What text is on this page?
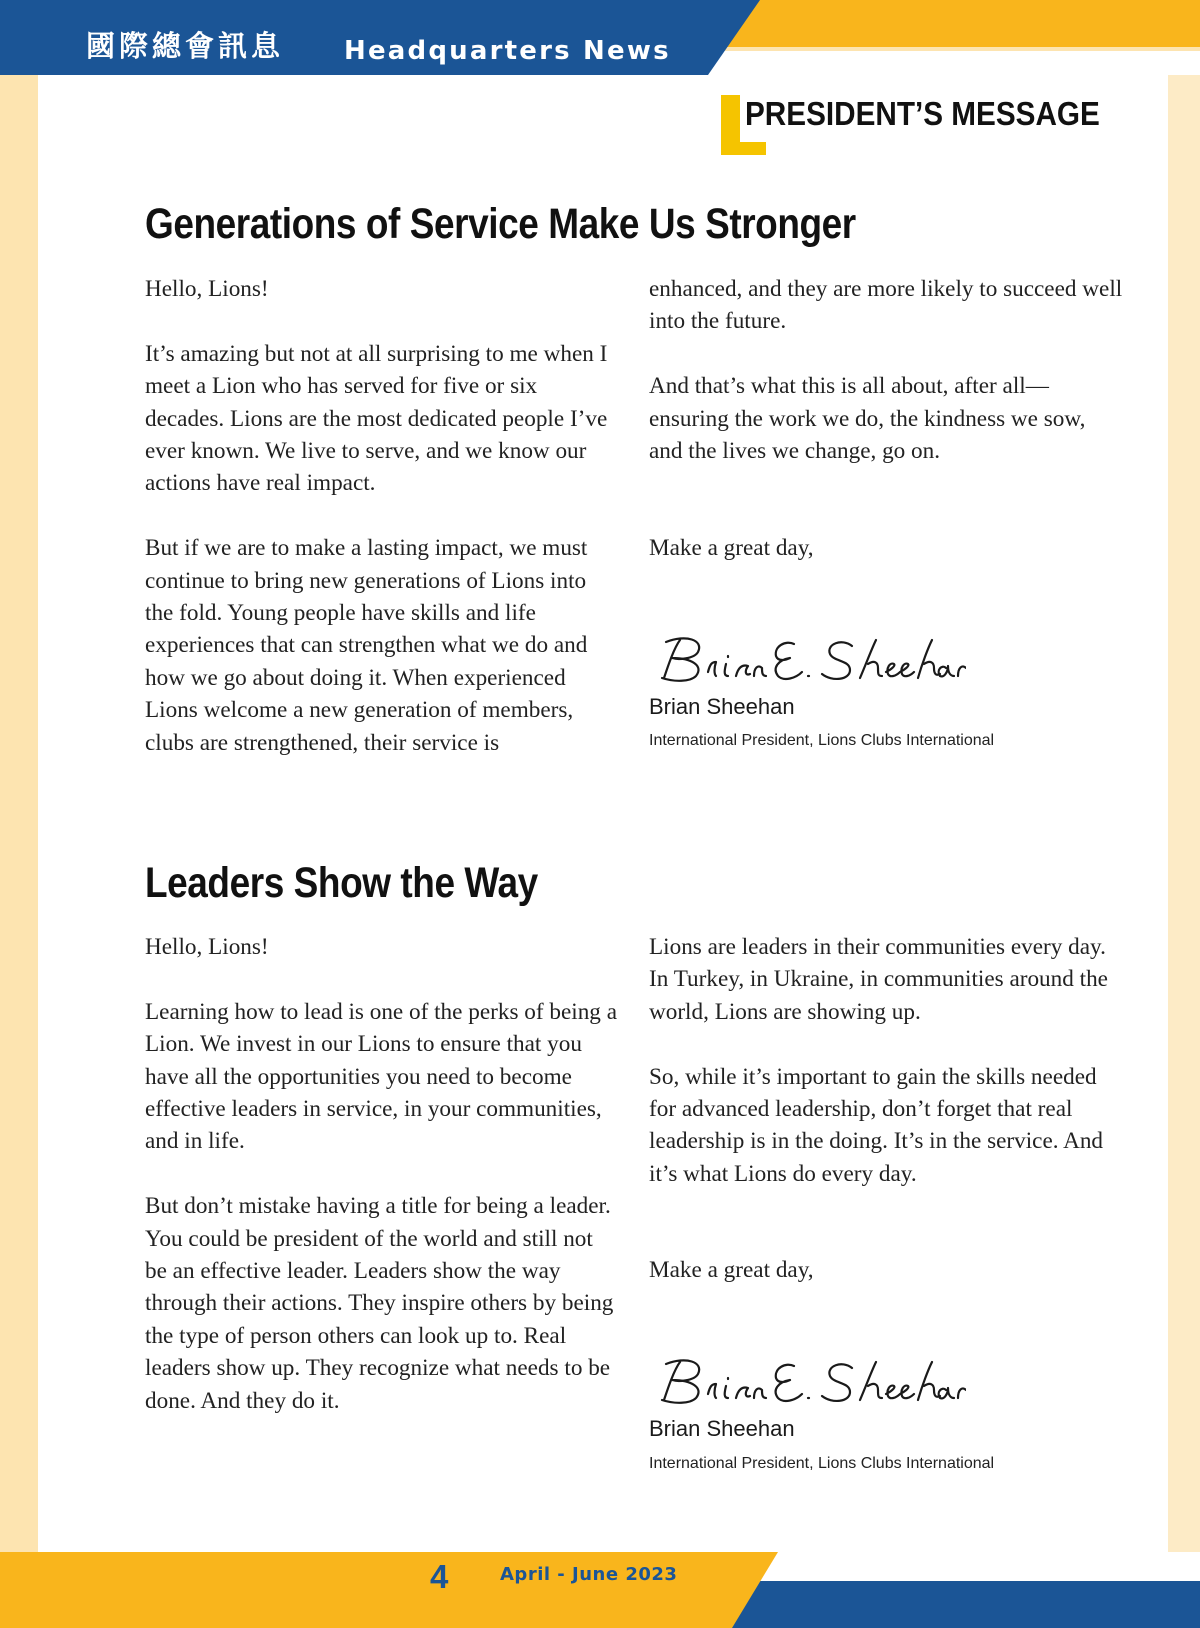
國際總會訊息 Headquarters News
PRESIDENT’S MESSAGE
Generations of Service Make Us Stronger

Hello, Lions!

It’s amazing but not at all surprising to me when I meet a Lion who has served for five or six decades. Lions are the most dedicated people I’ve ever known. We live to serve, and we know our actions have real impact.

But if we are to make a lasting impact, we must continue to bring new generations of Lions into the fold. Young people have skills and life experiences that can strengthen what we do and how we go about doing it. When experienced Lions welcome a new generation of members, clubs are strengthened, their service is

enhanced, and they are more likely to succeed well into the future.

And that’s what this is all about, after all—ensuring the work we do, the kindness we sow, and the lives we change, go on.

Make a great day,

Brian Sheehan
International President, Lions Clubs International
Leaders Show the Way

Hello, Lions!

Learning how to lead is one of the perks of being a Lion. We invest in our Lions to ensure that you have all the opportunities you need to become effective leaders in service, in your communities, and in life.

But don’t mistake having a title for being a leader. You could be president of the world and still not be an effective leader. Leaders show the way through their actions. They inspire others by being the type of person others can look up to. Real leaders show up. They recognize what needs to be done. And they do it.

Lions are leaders in their communities every day. In Turkey, in Ukraine, in communities around the world, Lions are showing up.

So, while it’s important to gain the skills needed for advanced leadership, don’t forget that real leadership is in the doing. It’s in the service. And it’s what Lions do every day.

Make a great day,

Brian Sheehan
International President, Lions Clubs International
4	April - June 2023
